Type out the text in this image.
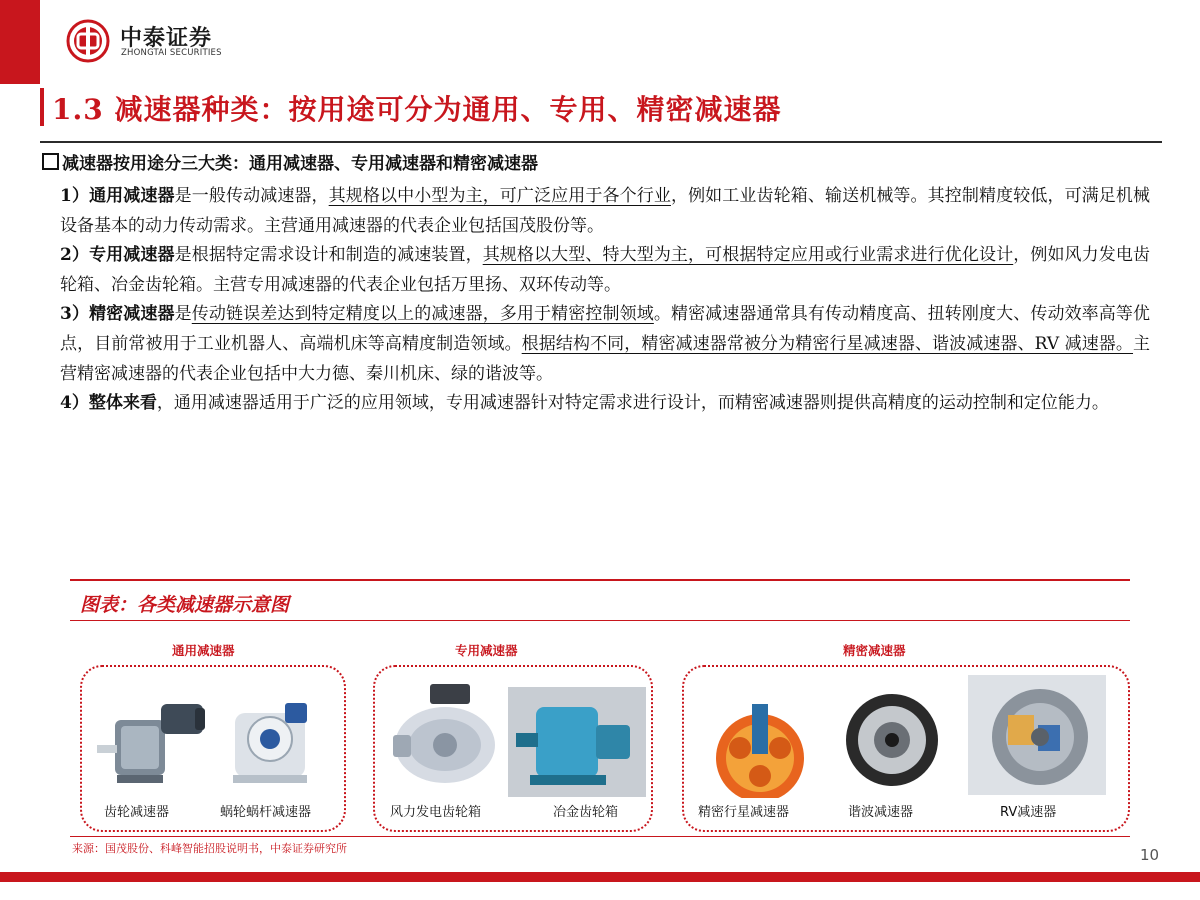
中泰证券
ZHONGTAI SECURITIES
1.3 减速器种类：按用途可分为通用、专用、精密减速器
减速器按用途分三大类：通用减速器、专用减速器和精密减速器
1）通用减速器是一般传动减速器，其规格以中小型为主，可广泛应用于各个行业，例如工业齿轮箱、输送机械等。其控制精度较低，可满足机械设备基本的动力传动需求。主营通用减速器的代表企业包括国茂股份等。
2）专用减速器是根据特定需求设计和制造的减速装置，其规格以大型、特大型为主，可根据特定应用或行业需求进行优化设计，例如风力发电齿轮箱、冶金齿轮箱。主营专用减速器的代表企业包括万里扬、双环传动等。
3）精密减速器是传动链误差达到特定精度以上的减速器，多用于精密控制领域。精密减速器通常具有传动精度高、扭转刚度大、传动效率高等优点，目前常被用于工业机器人、高端机床等高精度制造领域。根据结构不同，精密减速器常被分为精密行星减速器、谐波减速器、RV 减速器。主营精密减速器的代表企业包括中大力德、秦川机床、绿的谐波等。
4）整体来看，通用减速器适用于广泛的应用领域，专用减速器针对特定需求进行设计，而精密减速器则提供高精度的运动控制和定位能力。
图表：各类减速器示意图
通用减速器	专用减速器	精密减速器
齿轮减速器	蜗轮蜗杆减速器	风力发电齿轮箱	冶金齿轮箱	精密行星减速器	谐波减速器	RV减速器
来源：国茂股份、科峰智能招股说明书，中泰证券研究所	10
